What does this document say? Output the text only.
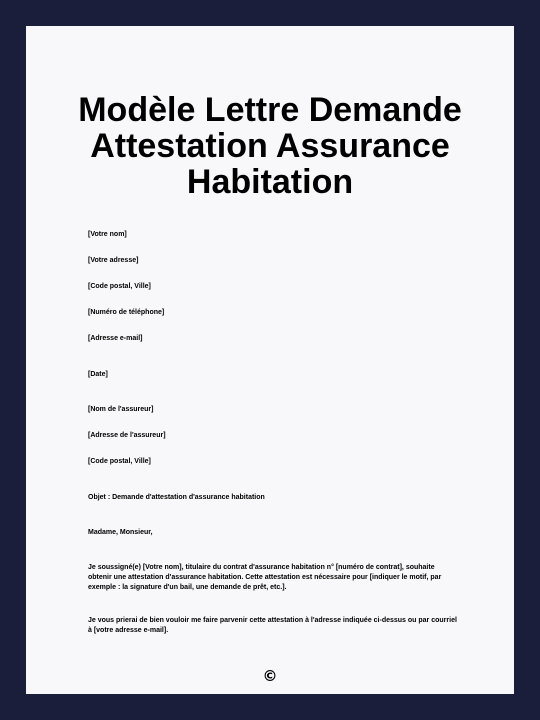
Modèle Lettre Demande Attestation Assurance Habitation

[Votre nom]

[Votre adresse]

[Code postal, Ville]

[Numéro de téléphone]

[Adresse e-mail]

[Date]

[Nom de l'assureur]

[Adresse de l'assureur]

[Code postal, Ville]

Objet : Demande d'attestation d'assurance habitation

Madame, Monsieur,

Je soussigné(e) [Votre nom], titulaire du contrat d'assurance habitation n° [numéro de contrat], souhaite obtenir une attestation d'assurance habitation. Cette attestation est nécessaire pour [indiquer le motif, par exemple : la signature d'un bail, une demande de prêt, etc.].

Je vous prierai de bien vouloir me faire parvenir cette attestation à l'adresse indiquée ci-dessus ou par courriel à [votre adresse e-mail].

©
